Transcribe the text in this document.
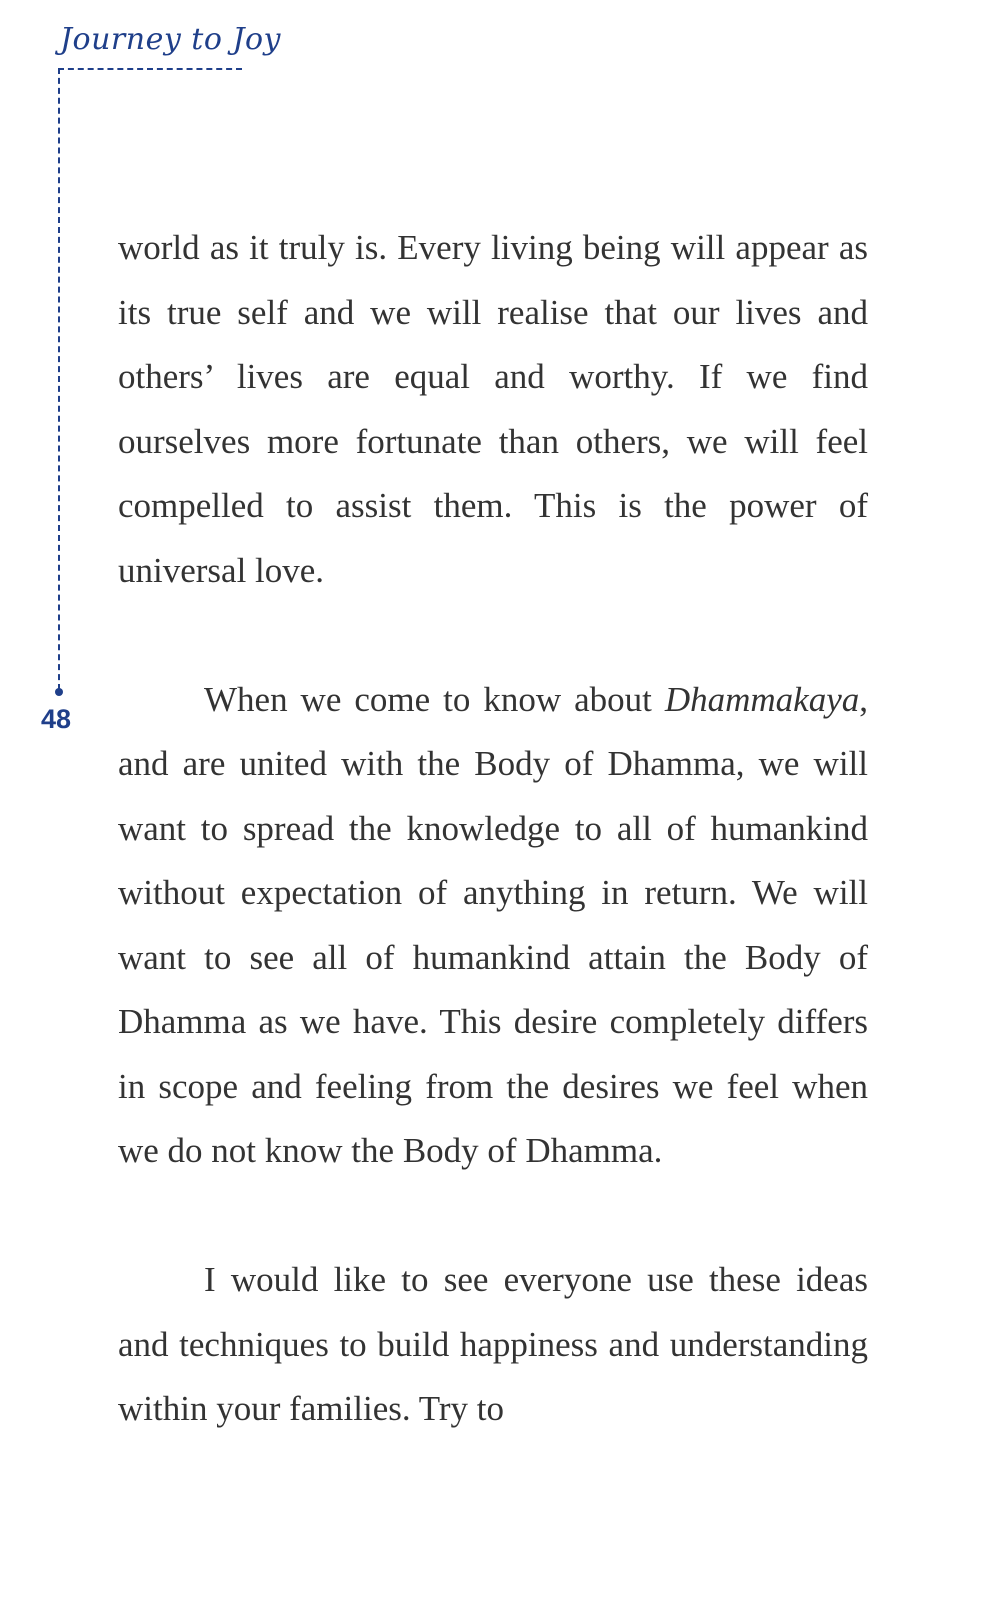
Journey to Joy
48

world as it truly is. Every living being will appear as its true self and we will realise that our lives and others’ lives are equal and worthy. If we find ourselves more fortunate than others, we will feel compelled to assist them. This is the power of universal love.

When we come to know about Dhammakaya, and are united with the Body of Dhamma, we will want to spread the knowledge to all of humankind without expectation of anything in return. We will want to see all of humankind attain the Body of Dhamma as we have. This desire completely differs in scope and feeling from the desires we feel when we do not know the Body of Dhamma.

I would like to see everyone use these ideas and techniques to build happiness and understanding within your families. Try to
